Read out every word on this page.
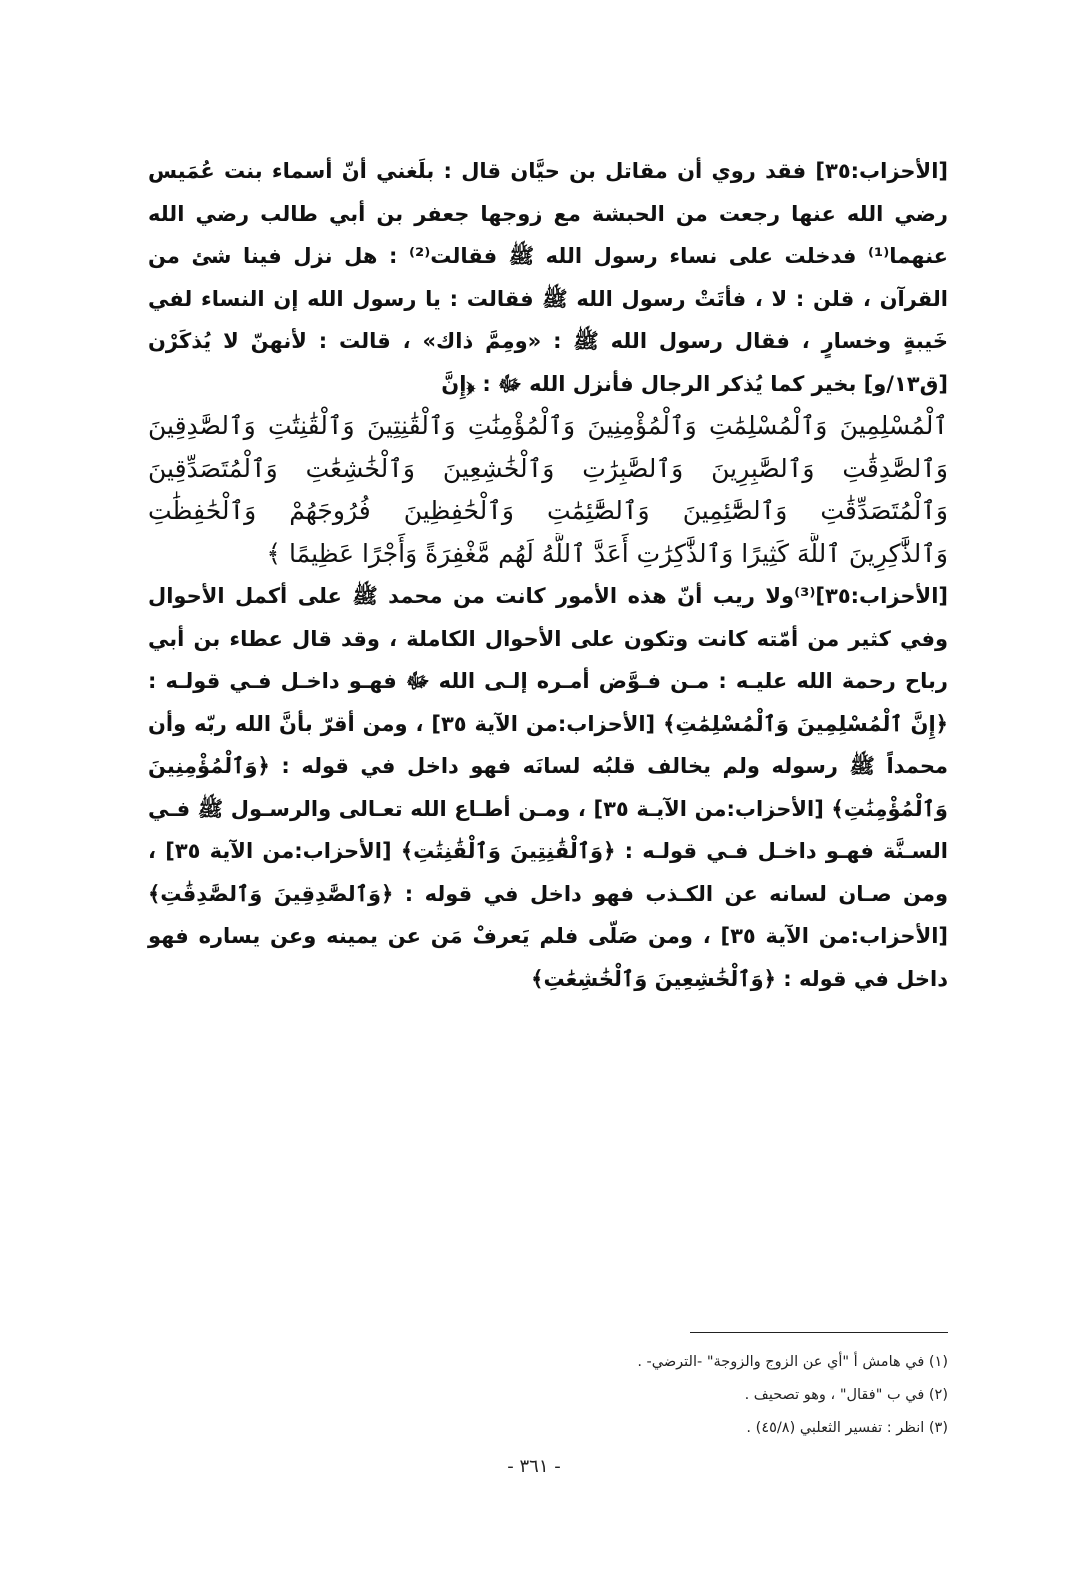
[الأحزاب:٣٥] فقد روي أن مقاتل بن حيَّان قال : بلَغني أنّ أسماء بنت عُمَيس رضي الله عنها رجعت من الحبشة مع زوجها جعفر بن أبي طالب رضي الله عنهما⁽¹⁾ فدخلت على نساء رسول الله ﷺ فقالت⁽²⁾ : هل نزل فينا شئ من القرآن ، قلن : لا ، فأتَتْ رسول الله ﷺ فقالت : يا رسول الله إن النساء لفي خَيبةٍ وخسارٍ ، فقال رسول الله ﷺ : «ومِمَّ ذاك» ، قالت : لأنهنّ لا يُذكَرْن [ق١٣/و] بخير كما يُذكر الرجال فأنزل الله ﷻ : ﴿إِنَّ

ٱلْمُسْلِمِينَ وَٱلْمُسْلِمَٰتِ وَٱلْمُؤْمِنِينَ وَٱلْمُؤْمِنَٰتِ وَٱلْقَٰنِتِينَ وَٱلْقَٰنِتَٰتِ وَٱلصَّٰدِقِينَ
وَٱلصَّٰدِقَٰتِ وَٱلصَّٰبِرِينَ وَٱلصَّٰبِرَٰتِ وَٱلْخَٰشِعِينَ وَٱلْخَٰشِعَٰتِ وَٱلْمُتَصَدِّقِينَ
وَٱلْمُتَصَدِّقَٰتِ وَٱلصَّٰٓئِمِينَ وَٱلصَّٰٓئِمَٰتِ وَٱلْحَٰفِظِينَ فُرُوجَهُمْ وَٱلْحَٰفِظَٰتِ
وَٱلذَّٰكِرِينَ ٱللَّهَ كَثِيرًا وَٱلذَّٰكِرَٰتِ أَعَدَّ ٱللَّهُ لَهُم مَّغْفِرَةً وَأَجْرًا عَظِيمًا ﴾

[الأحزاب:٣٥]⁽³⁾ولا ريب أنّ هذه الأمور كانت من محمد ﷺ على أكمل الأحوال وفي كثير من أمّته كانت وتكون على الأحوال الكاملة ، وقد قال عطاء بن أبي رباح رحمة الله عليـه : مـن فـوَّض أمـره إلـى الله ﷻ فهـو داخـل فـي قولـه : ﴿إِنَّ ٱلْمُسْلِمِينَ وَٱلْمُسْلِمَٰتِ﴾ [الأحزاب:من الآية ٣٥] ، ومن أقرّ بأنَّ الله ربّه وأن محمداً ﷺ رسوله ولم يخالف قلبُه لسانَه فهو داخل في قوله : ﴿وَٱلْمُؤْمِنِينَ وَٱلْمُؤْمِنَٰتِ﴾ [الأحزاب:من الآيـة ٣٥] ، ومـن أطـاع الله تعـالى والرسـول ﷺ فـي السـنَّة فهـو داخـل فـي قولـه : ﴿وَٱلْقَٰنِتِينَ وَٱلْقَٰنِتَٰتِ﴾ [الأحزاب:من الآية ٣٥] ، ومن صـان لسانه عن الكـذب فهو داخل في قوله : ﴿وَٱلصَّٰدِقِينَ وَٱلصَّٰدِقَٰتِ﴾ [الأحزاب:من الآية ٣٥] ، ومن صَلّى فلم يَعرفْ مَن عن يمينه وعن يساره فهو داخل في قوله : ﴿وَٱلْخَٰشِعِينَ وَٱلْخَٰشِعَٰتِ﴾

(١) في هامش أ "أي عن الزوج والزوجة" -الترضي- .
(٢) في ب "فقال" ، وهو تصحيف .
(٣) انظر : تفسير الثعلبي (٤٥/٨) .
- ٣٦١ -
